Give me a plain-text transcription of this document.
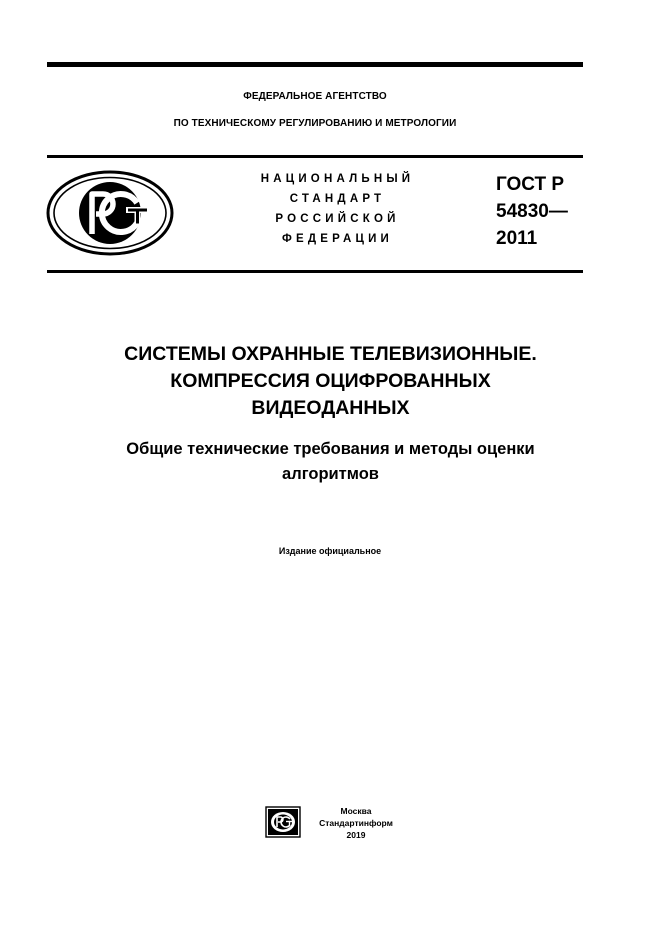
ФЕДЕРАЛЬНОЕ АГЕНТСТВО
ПО ТЕХНИЧЕСКОМУ РЕГУЛИРОВАНИЮ И МЕТРОЛОГИИ
НАЦИОНАЛЬНЫЙ
СТАНДАРТ
РОССИЙСКОЙ
ФЕДЕРАЦИИ
ГОСТ Р
54830—
2011
СИСТЕМЫ ОХРАННЫЕ ТЕЛЕВИЗИОННЫЕ.
КОМПРЕССИЯ ОЦИФРОВАННЫХ
ВИДЕОДАННЫХ
Общие технические требования и методы оценки
алгоритмов
Издание официальное
Москва
Стандартинформ
2019
